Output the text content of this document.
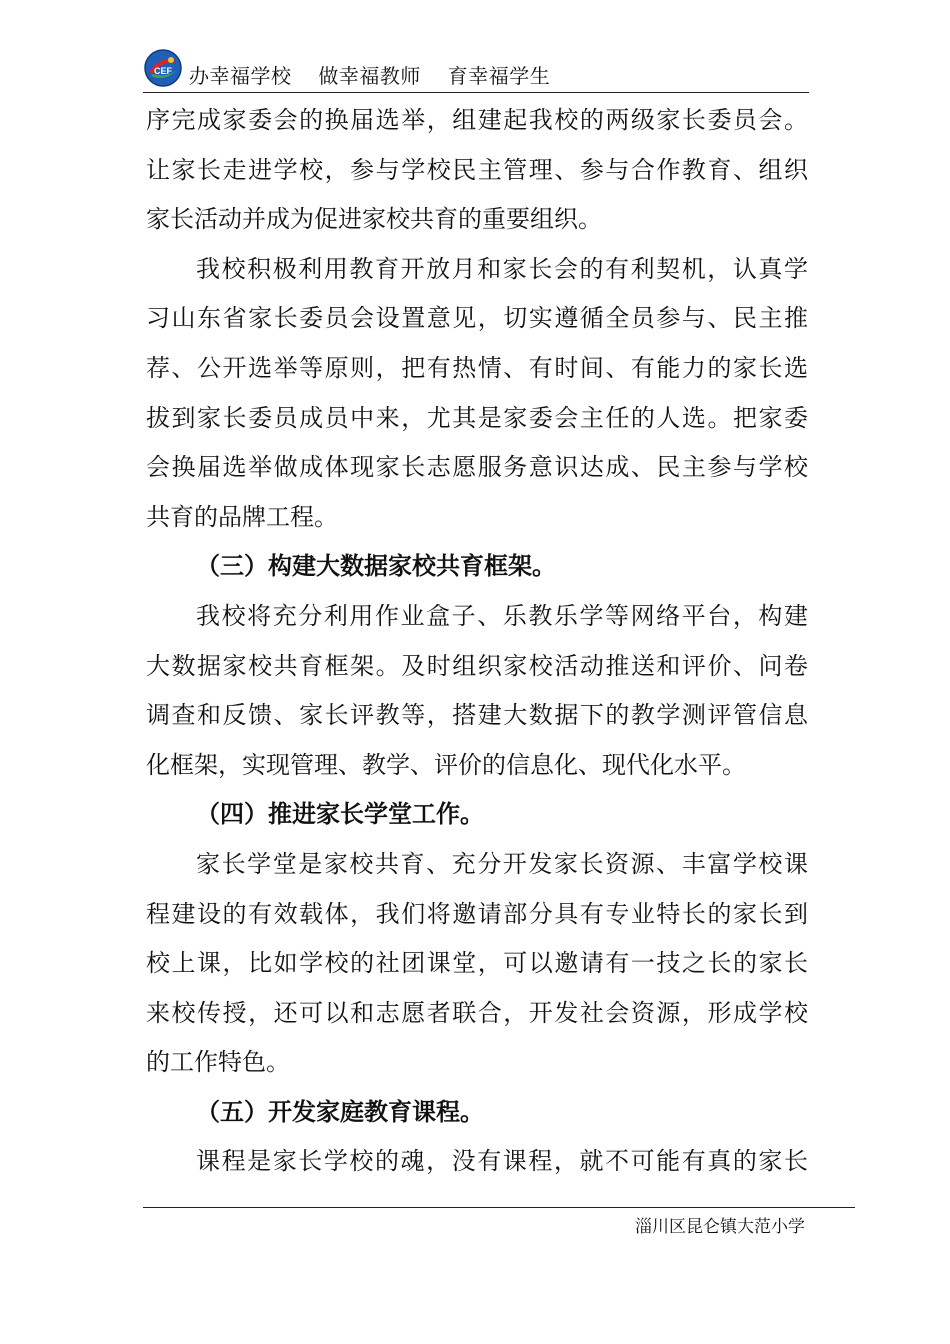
CEF 办幸福学校 做幸福教师 育幸福学生
序完成家委会的换届选举，组建起我校的两级家长委员会。
让家长走进学校，参与学校民主管理、参与合作教育、组织
家长活动并成为促进家校共育的重要组织。
我校积极利用教育开放月和家长会的有利契机，认真学
习山东省家长委员会设置意见，切实遵循全员参与、民主推
荐、公开选举等原则，把有热情、有时间、有能力的家长选
拔到家长委员成员中来，尤其是家委会主任的人选。把家委
会换届选举做成体现家长志愿服务意识达成、民主参与学校
共育的品牌工程。
（三）构建大数据家校共育框架。
我校将充分利用作业盒子、乐教乐学等网络平台，构建
大数据家校共育框架。及时组织家校活动推送和评价、问卷
调查和反馈、家长评教等，搭建大数据下的教学测评管信息
化框架，实现管理、教学、评价的信息化、现代化水平。
（四）推进家长学堂工作。
家长学堂是家校共育、充分开发家长资源、丰富学校课
程建设的有效载体，我们将邀请部分具有专业特长的家长到
校上课，比如学校的社团课堂，可以邀请有一技之长的家长
来校传授，还可以和志愿者联合，开发社会资源，形成学校
的工作特色。
（五）开发家庭教育课程。
课程是家长学校的魂，没有课程，就不可能有真的家长
淄川区昆仑镇大范小学
